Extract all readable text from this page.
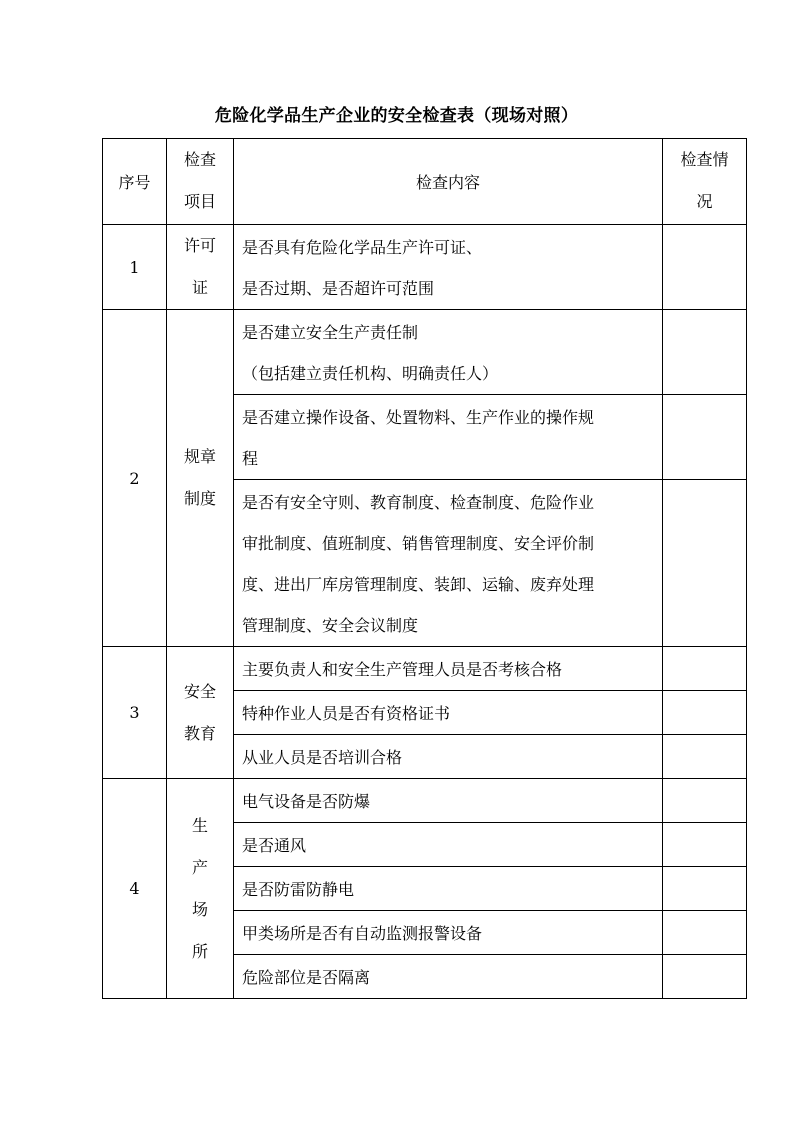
危险化学品生产企业的安全检查表（现场对照）
序号	检查项目	检查内容	检查情况
1	许可证	是否具有危险化学品生产许可证、
是否过期、是否超许可范围	

2	规章制度	是否建立安全生产责任制
（包括建立责任机构、明确责任人）	

		是否建立操作设备、处置物料、生产作业的操作规
程	

		是否有安全守则、教育制度、检查制度、危险作业
审批制度、值班制度、销售管理制度、安全评价制
度、进出厂库房管理制度、装卸、运输、废弃处理
管理制度、安全会议制度	

3	安全教育	主要负责人和安全生产管理人员是否考核合格	
		特种作业人员是否有资格证书	
		从业人员是否培训合格	
4	生产场所	电气设备是否防爆	
		是否通风	
		是否防雷防静电	
		甲类场所是否有自动监测报警设备	
		危险部位是否隔离	
